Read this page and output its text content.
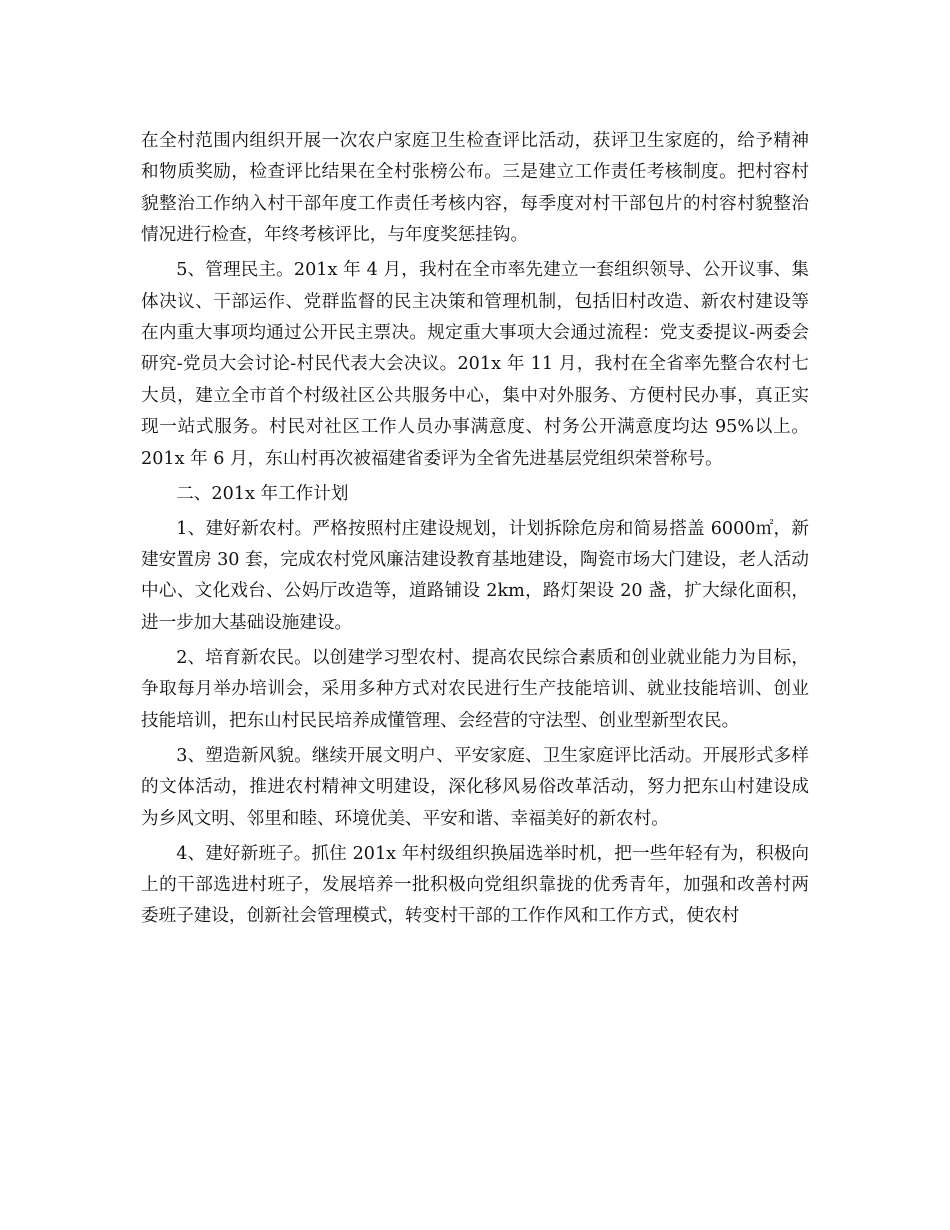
在全村范围内组织开展一次农户家庭卫生检查评比活动，获评卫生家庭的，给予精神和物质奖励，检查评比结果在全村张榜公布。三是建立工作责任考核制度。把村容村貌整治工作纳入村干部年度工作责任考核内容，每季度对村干部包片的村容村貌整治情况进行检查，年终考核评比，与年度奖惩挂钩。

5、管理民主。201x 年 4 月，我村在全市率先建立一套组织领导、公开议事、集体决议、干部运作、党群监督的民主决策和管理机制，包括旧村改造、新农村建设等在内重大事项均通过公开民主票决。规定重大事项大会通过流程：党支委提议-两委会研究-党员大会讨论-村民代表大会决议。201x 年 11 月，我村在全省率先整合农村七大员，建立全市首个村级社区公共服务中心，集中对外服务、方便村民办事，真正实现一站式服务。村民对社区工作人员办事满意度、村务公开满意度均达 95%以上。201x 年 6 月，东山村再次被福建省委评为全省先进基层党组织荣誉称号。

二、201x 年工作计划

1、建好新农村。严格按照村庄建设规划，计划拆除危房和简易搭盖 6000㎡，新建安置房 30 套，完成农村党风廉洁建设教育基地建设，陶瓷市场大门建设，老人活动中心、文化戏台、公妈厅改造等，道路铺设 2km，路灯架设 20 盏，扩大绿化面积，进一步加大基础设施建设。

2、培育新农民。以创建学习型农村、提高农民综合素质和创业就业能力为目标，争取每月举办培训会，采用多种方式对农民进行生产技能培训、就业技能培训、创业技能培训，把东山村民民培养成懂管理、会经营的守法型、创业型新型农民。

3、塑造新风貌。继续开展文明户、平安家庭、卫生家庭评比活动。开展形式多样的文体活动，推进农村精神文明建设，深化移风易俗改革活动，努力把东山村建设成为乡风文明、邻里和睦、环境优美、平安和谐、幸福美好的新农村。

4、建好新班子。抓住 201x 年村级组织换届选举时机，把一些年轻有为，积极向上的干部选进村班子，发展培养一批积极向党组织靠拢的优秀青年，加强和改善村两委班子建设，创新社会管理模式，转变村干部的工作作风和工作方式，使农村
